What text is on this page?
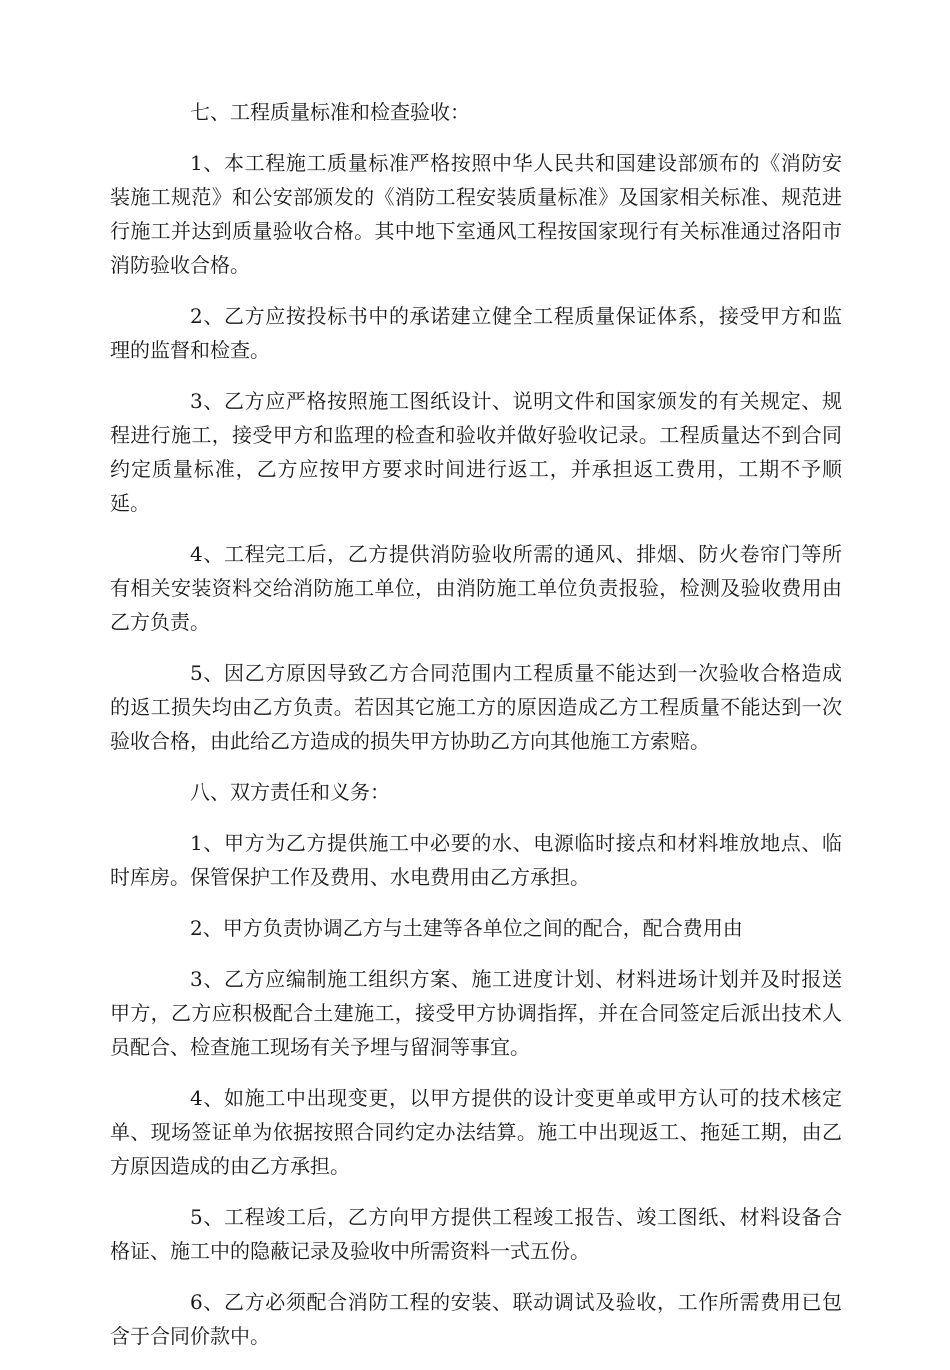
七、工程质量标准和检查验收：

1、本工程施工质量标准严格按照中华人民共和国建设部颁布的《消防安装施工规范》和公安部颁发的《消防工程安装质量标准》及国家相关标准、规范进行施工并达到质量验收合格。其中地下室通风工程按国家现行有关标准通过洛阳市消防验收合格。

2、乙方应按投标书中的承诺建立健全工程质量保证体系，接受甲方和监理的监督和检查。

3、乙方应严格按照施工图纸设计、说明文件和国家颁发的有关规定、规程进行施工，接受甲方和监理的检查和验收并做好验收记录。工程质量达不到合同约定质量标准，乙方应按甲方要求时间进行返工，并承担返工费用，工期不予顺延。

4、工程完工后，乙方提供消防验收所需的通风、排烟、防火卷帘门等所有相关安装资料交给消防施工单位，由消防施工单位负责报验，检测及验收费用由乙方负责。

5、因乙方原因导致乙方合同范围内工程质量不能达到一次验收合格造成的返工损失均由乙方负责。若因其它施工方的原因造成乙方工程质量不能达到一次验收合格，由此给乙方造成的损失甲方协助乙方向其他施工方索赔。

八、双方责任和义务：

1、甲方为乙方提供施工中必要的水、电源临时接点和材料堆放地点、临时库房。保管保护工作及费用、水电费用由乙方承担。

2、甲方负责协调乙方与土建等各单位之间的配合，配合费用由

3、乙方应编制施工组织方案、施工进度计划、材料进场计划并及时报送甲方，乙方应积极配合土建施工，接受甲方协调指挥，并在合同签定后派出技术人员配合、检查施工现场有关予埋与留洞等事宜。

4、如施工中出现变更，以甲方提供的设计变更单或甲方认可的技术核定单、现场签证单为依据按照合同约定办法结算。施工中出现返工、拖延工期，由乙方原因造成的由乙方承担。

5、工程竣工后，乙方向甲方提供工程竣工报告、竣工图纸、材料设备合格证、施工中的隐蔽记录及验收中所需资料一式五份。

6、乙方必须配合消防工程的安装、联动调试及验收，工作所需费用已包含于合同价款中。
